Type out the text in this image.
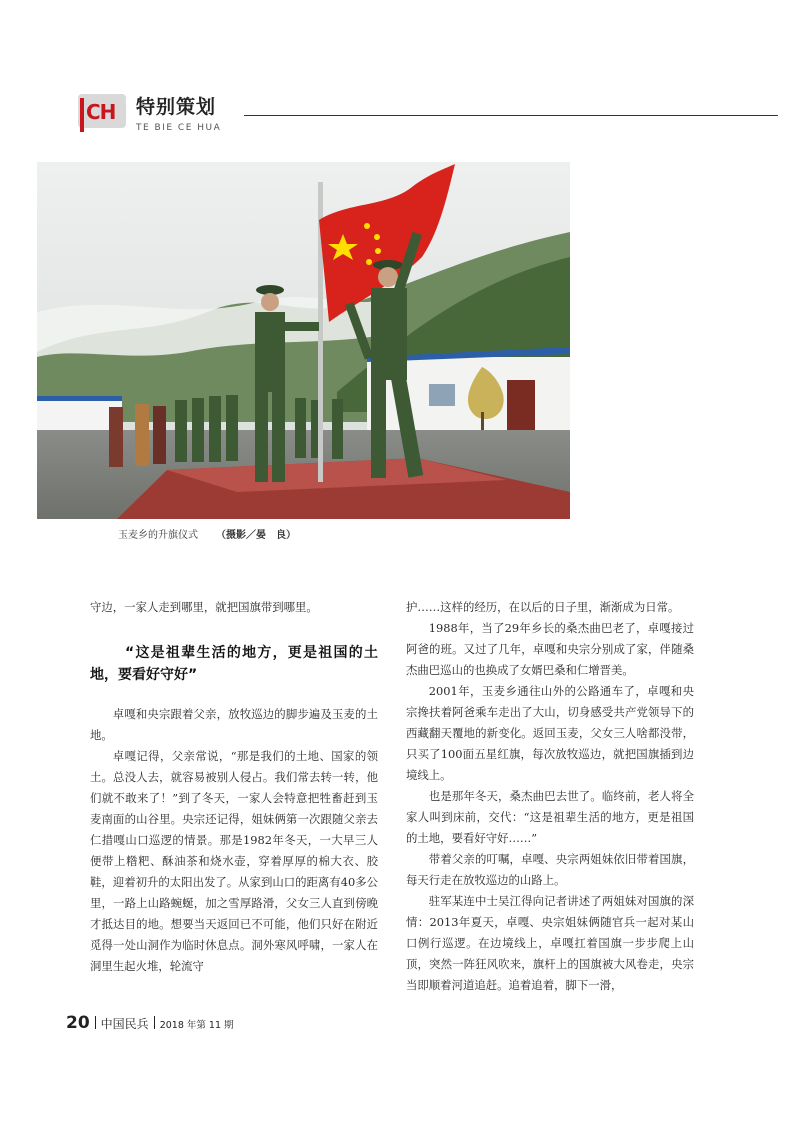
CH 特别策划
TE BIE CE HUA
玉麦乡的升旗仪式 （摄影／晏　良）

守边，一家人走到哪里，就把国旗带到哪里。

“这是祖辈生活的地方，更是祖国的土地，要看好守好”

卓嘎和央宗跟着父亲，放牧巡边的脚步遍及玉麦的土地。

卓嘎记得，父亲常说，“那是我们的土地、国家的领土。总没人去，就容易被别人侵占。我们常去转一转，他们就不敢来了！”到了冬天，一家人会特意把牲畜赶到玉麦南面的山谷里。央宗还记得，姐妹俩第一次跟随父亲去仁措嘎山口巡逻的情景。那是1982年冬天，一大早三人便带上糌粑、酥油茶和烧水壶，穿着厚厚的棉大衣、胶鞋，迎着初升的太阳出发了。从家到山口的距离有40多公里，一路上山路蜿蜒，加之雪厚路滑，父女三人直到傍晚才抵达目的地。想要当天返回已不可能，他们只好在附近觅得一处山洞作为临时休息点。洞外寒风呼啸，一家人在洞里生起火堆，轮流守

护……这样的经历，在以后的日子里，渐渐成为日常。

1988年，当了29年乡长的桑杰曲巴老了，卓嘎接过阿爸的班。又过了几年，卓嘎和央宗分别成了家，伴随桑杰曲巴巡山的也换成了女婿巴桑和仁增晋美。

2001年，玉麦乡通往山外的公路通车了，卓嘎和央宗搀扶着阿爸乘车走出了大山，切身感受共产党领导下的西藏翻天覆地的新变化。返回玉麦，父女三人啥都没带，只买了100面五星红旗，每次放牧巡边，就把国旗插到边境线上。

也是那年冬天，桑杰曲巴去世了。临终前，老人将全家人叫到床前，交代：“这是祖辈生活的地方，更是祖国的土地，要看好守好……”

带着父亲的叮嘱，卓嘎、央宗两姐妹依旧带着国旗，每天行走在放牧巡边的山路上。

驻军某连中士吴江得向记者讲述了两姐妹对国旗的深情：2013年夏天，卓嘎、央宗姐妹俩随官兵一起对某山口例行巡逻。在边境线上，卓嘎扛着国旗一步步爬上山顶，突然一阵狂风吹来，旗杆上的国旗被大风卷走，央宗当即顺着河道追赶。追着追着，脚下一滑，

20 中国民兵 2018 年第 11 期
